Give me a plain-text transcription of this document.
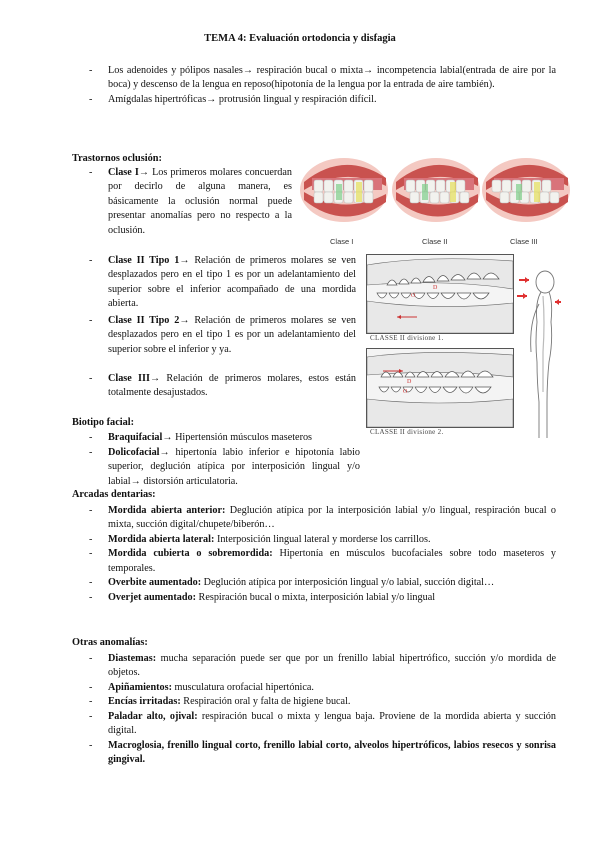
TEMA 4: Evaluación ortodoncia y disfagia
- Los adenoides y pólipos nasales→ respiración bucal o mixta→ incompetencia labial(entrada de aire por la boca) y descenso de la lengua en reposo(hipotonía de la lengua por la entrada de aire también).
- Amígdalas hipertróficas→ protrusión lingual y respiración difícil.
Trastornos oclusión:
- Clase I→ Los primeros molares concuerdan por decirlo de alguna manera, es básicamente la oclusión normal puede presentar anomalías pero no respecto a la oclusión.
- Clase II Tipo 1→ Relación de primeros molares se ven desplazados pero en el tipo 1 es por un adelantamiento del superior sobre el inferior acompañado de una mordida abierta.
- Clase II Tipo 2→ Relación de primeros molares se ven desplazados pero en el tipo 1 es por un adelantamiento del superior sobre el inferior y ya.
- Clase III→ Relación de primeros molares, estos están totalmente desajustados.
Clase I	Clase II	Clase III
D
O
CLASSE II divisione 1.
D
O
CLASSE II divisione 2.
Biotipo facial:
- Braquifacial→ Hipertensión músculos maseteros
- Dolicofacial→ hipertonía labio inferior e hipotonía labio superior, deglución atípica por interposición lingual y/o labial→ distorsión articulatoria.
Arcadas dentarias:
- Mordida abierta anterior: Deglución atípica por la interposición labial y/o lingual, respiración bucal o mixta, succión digital/chupete/biberón…
- Mordida abierta lateral: Interposición lingual lateral y morderse los carrillos.
- Mordida cubierta o sobremordida: Hipertonía en músculos bucofaciales sobre todo maseteros y temporales.
- Overbite aumentado: Deglución atípica por interposición lingual y/o labial, succión digital…
- Overjet aumentado: Respiración bucal o mixta, interposición labial y/o lingual
Otras anomalías:
- Diastemas: mucha separación puede ser que por un frenillo labial hipertrófico, succión y/o mordida de objetos.
- Apiñamientos: musculatura orofacial hipertónica.
- Encías irritadas: Respiración oral y falta de higiene bucal.
- Paladar alto, ojival: respiración bucal o mixta y lengua baja. Proviene de la mordida abierta y succión digital.
- Macroglosia, frenillo lingual corto, frenillo labial corto, alveolos hipertróficos, labios resecos y sonrisa gingival.
